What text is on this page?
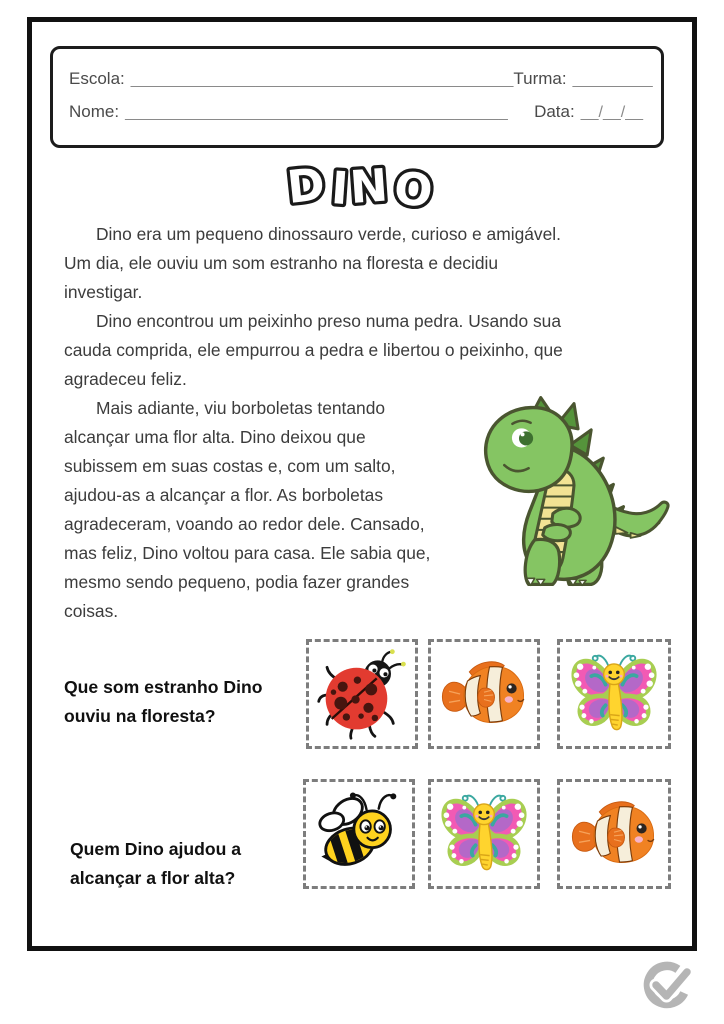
Escola: ___________________________________________ Turma: _________
Nome: ___________________________________________ Data: __/__/__
DINO
Dino era um pequeno dinossauro verde, curioso e amigável.
Um dia, ele ouviu um som estranho na floresta e decidiu
investigar.
Dino encontrou um peixinho preso numa pedra. Usando sua
cauda comprida, ele empurrou a pedra e libertou o peixinho, que
agradeceu feliz.
Mais adiante, viu borboletas tentando
alcançar uma flor alta. Dino deixou que
subissem em suas costas e, com um salto,
ajudou-as a alcançar a flor. As borboletas
agradeceram, voando ao redor dele. Cansado,
mas feliz, Dino voltou para casa. Ele sabia que,
mesmo sendo pequeno, podia fazer grandes
coisas.
Que som estranho Dino
ouviu na floresta?
Quem Dino ajudou a
alcançar a flor alta?
